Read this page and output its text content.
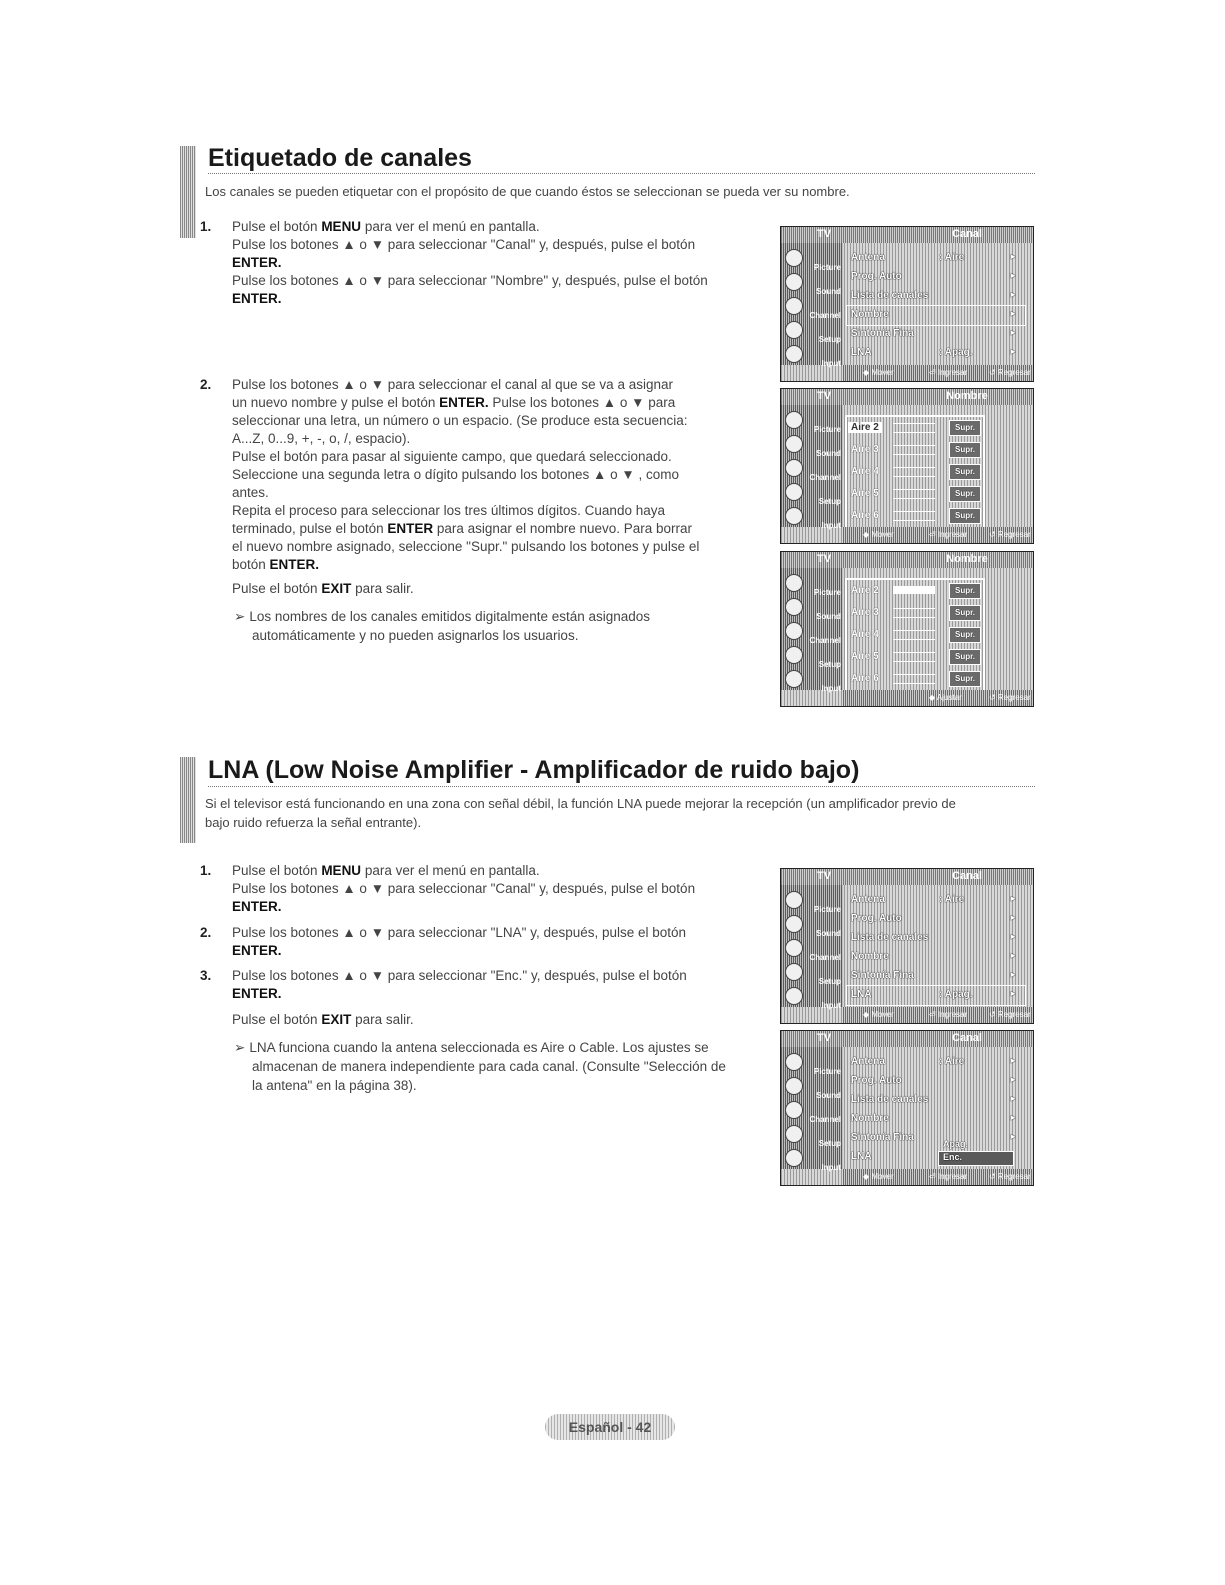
Etiquetado de canales
Los canales se pueden etiquetar con el propósito de que cuando éstos se seleccionan se pueda ver su nombre.
1.	Pulse el botón MENU para ver el menú en pantalla.
Pulse los botones ▲ o ▼ para seleccionar "Canal" y, después, pulse el botón
ENTER.
Pulse los botones ▲ o ▼ para seleccionar "Nombre" y, después, pulse el botón
ENTER.
2.	Pulse los botones ▲ o ▼ para seleccionar el canal al que se va a asignar
un nuevo nombre y pulse el botón ENTER. Pulse los botones ▲ o ▼ para
seleccionar una letra, un número o un espacio. (Se produce esta secuencia:
A...Z, 0...9, +, -, o, /, espacio).
Pulse el botón para pasar al siguiente campo, que quedará seleccionado.
Seleccione una segunda letra o dígito pulsando los botones ▲ o ▼ , como
antes.
Repita el proceso para seleccionar los tres últimos dígitos. Cuando haya
terminado, pulse el botón ENTER para asignar el nombre nuevo. Para borrar
el nuevo nombre asignado, seleccione "Supr." pulsando los botones y pulse el
botón ENTER.
Pulse el botón EXIT para salir.
➢ Los nombres de los canales emitidos digitalmente están asignados
automáticamente y no pueden asignarlos los usuarios.
TV	Canal
Picture
Sound
Channel
Setup
Input
Antena	: Aire	►
Prog. Auto	►
Lista de canales	►
Nombre	►
Sintonía Fina	►
LNA	: Apag.	►
◆ Mover	⏎ Ingresar	↺ Regresar
TV	Nombre
Picture
Sound
Channel
Setup
Input
Aire 2	Supr.
Aire 3	Supr.
Aire 4	Supr.
Aire 5	Supr.
Aire 6	Supr.
◆ Mover	⏎ Ingresar	↺ Regresar
TV	Nombre
Picture
Sound
Channel
Setup
Input
Aire 2	Supr.
Aire 3	Supr.
Aire 4	Supr.
Aire 5	Supr.
Aire 6	Supr.
◆ Ajustar	↺ Regresar
LNA (Low Noise Amplifier - Amplificador de ruido bajo)
Si el televisor está funcionando en una zona con señal débil, la función LNA puede mejorar la recepción (un amplificador previo de
bajo ruido refuerza la señal entrante).
1.	Pulse el botón MENU para ver el menú en pantalla.
Pulse los botones ▲ o ▼ para seleccionar "Canal" y, después, pulse el botón
ENTER.
2.	Pulse los botones ▲ o ▼ para seleccionar "LNA" y, después, pulse el botón
ENTER.
3.	Pulse los botones ▲ o ▼ para seleccionar "Enc." y, después, pulse el botón
ENTER.
Pulse el botón EXIT para salir.
➢ LNA funciona cuando la antena seleccionada es Aire o Cable. Los ajustes se
almacenan de manera independiente para cada canal. (Consulte "Selección de
la antena" en la página 38).
TV	Canal
Picture
Sound
Channel
Setup
Input
Antena	: Aire	►
Prog. Auto	►
Lista de canales	►
Nombre	►
Sintonía Fina	►
LNA	: Apag.	►
◆ Mover	⏎ Ingresar	↺ Regresar
TV	Canal
Picture
Sound
Channel
Setup
Input
Antena	: Aire	►
Prog. Auto	►
Lista de canales	►
Nombre	►
Sintonía Fina	►
LNA
Apag.
Enc.
◆ Mover	⏎ Ingresar	↺ Regresar
Español - 42
